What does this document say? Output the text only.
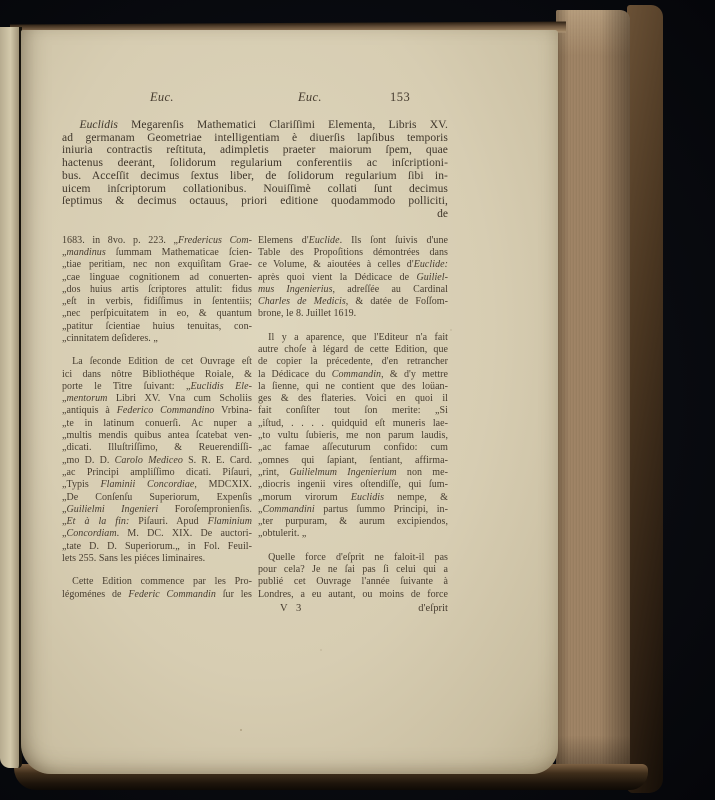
Euc.	Euc.	153
  Euclidis Megarenſis Mathematici Clariſſimi Elementa, Libris XV.
ad germanam Geometriae intelligentiam è diuerſis lapſibus temporis
iniuria contractis reſtituta, adimpletis praeter maiorum ſpem, quae
hactenus deerant, ſolidorum regularium conferentiis ac inſcriptioni-
bus. Acceſſit decimus ſextus liber, de ſolidorum regularium ſibi in-
uicem inſcriptorum collationibus. Nouiſſimè collati ſunt decimus
ſeptimus & decimus octauus, priori editione quodammodo polliciti,
de
1683. in 8vo. p. 223. „Fredericus Com-
„mandinus ſummam Mathematicae ſcien-
„tiae peritiam, nec non exquiſitam Grae-
„cae linguae cognitionem ad conuerten-
„dos huius artis ſcriptores attulit: fidus
„eſt in verbis, fidiſſimus in ſententiis;
„nec perſpicuitatem in eo, & quantum
„patitur ſcientiae huius tenuitas, con-
„cinnitatem deſideres. „
  La ſeconde Edition de cet Ouvrage eſt
ici dans nôtre Bibliothéque Roiale, &
porte le Titre ſuivant: „Euclidis Ele-
„mentorum Libri XV. Vna cum Scholiis
„antiquis à Federico Commandino Vrbina-
„te in latinum conuerſi. Ac nuper a
„multis mendis quibus antea ſcatebat ven-
„dicati. Illuſtriſſimo, & Reuerendiſſi-
„mo D. D. Carolo Mediceo S. R. E. Card.
„ac Principi ampliſſimo dicati. Piſauri,
„Typis Flaminii Concordiae, MDCXIX.
„De Conſenſu Superiorum, Expenſis
„Guilielmi Ingenieri Foroſempronienſis.
„Et à la fin: Piſauri. Apud Flaminium
„Concordiam. M. DC. XIX. De auctori-
„tate D. D. Superiorum.„ in Fol. Feuil-
lets 255. Sans les piéces liminaires.
  Cette Edition commence par les Pro-
légoménes de Federic Commandin ſur les
Elemens d'Euclide. Ils ſont ſuivis d'une
Table des Propoſitions démontrées dans
ce Volume, & aioutées à celles d'Euclide:
après quoi vient la Dédicace de Guiliel-
mus Ingenierius, adreſſée au Cardinal
Charles de Medicis, & datée de Foſſom-
brone, le 8. Juillet 1619.
  Il y a aparence, que l'Editeur n'a fait
autre choſe à légard de cette Edition, que
de copier la précedente, d'en retrancher
la Dédicace du Commandin, & d'y mettre
la ſienne, qui ne contient que des loüan-
ges & des flateries. Voici en quoi il
fait conſiſter tout ſon merite: „Si
„iſtud, . . . . quidquid eſt muneris lae-
„to vultu ſubieris, me non parum laudis,
„ac famae aſſecuturum confido: cum
„omnes qui ſapiant, ſentiant, affirma-
„rint, Guilielmum Ingenierium non me-
„diocris ingenii vires oſtendiſſe, qui ſum-
„morum virorum Euclidis nempe, &
„Commandini partus ſummo Principi, in-
„ter purpuram, & aurum excipiendos,
„obtulerit. „
  Quelle force d'eſprit ne faloit-il pas
pour cela? Je ne ſai pas ſi celui qui a
publié cet Ouvrage l'année ſuivante à
Londres, a eu autant, ou moins de force
V 3	d'eſprit
